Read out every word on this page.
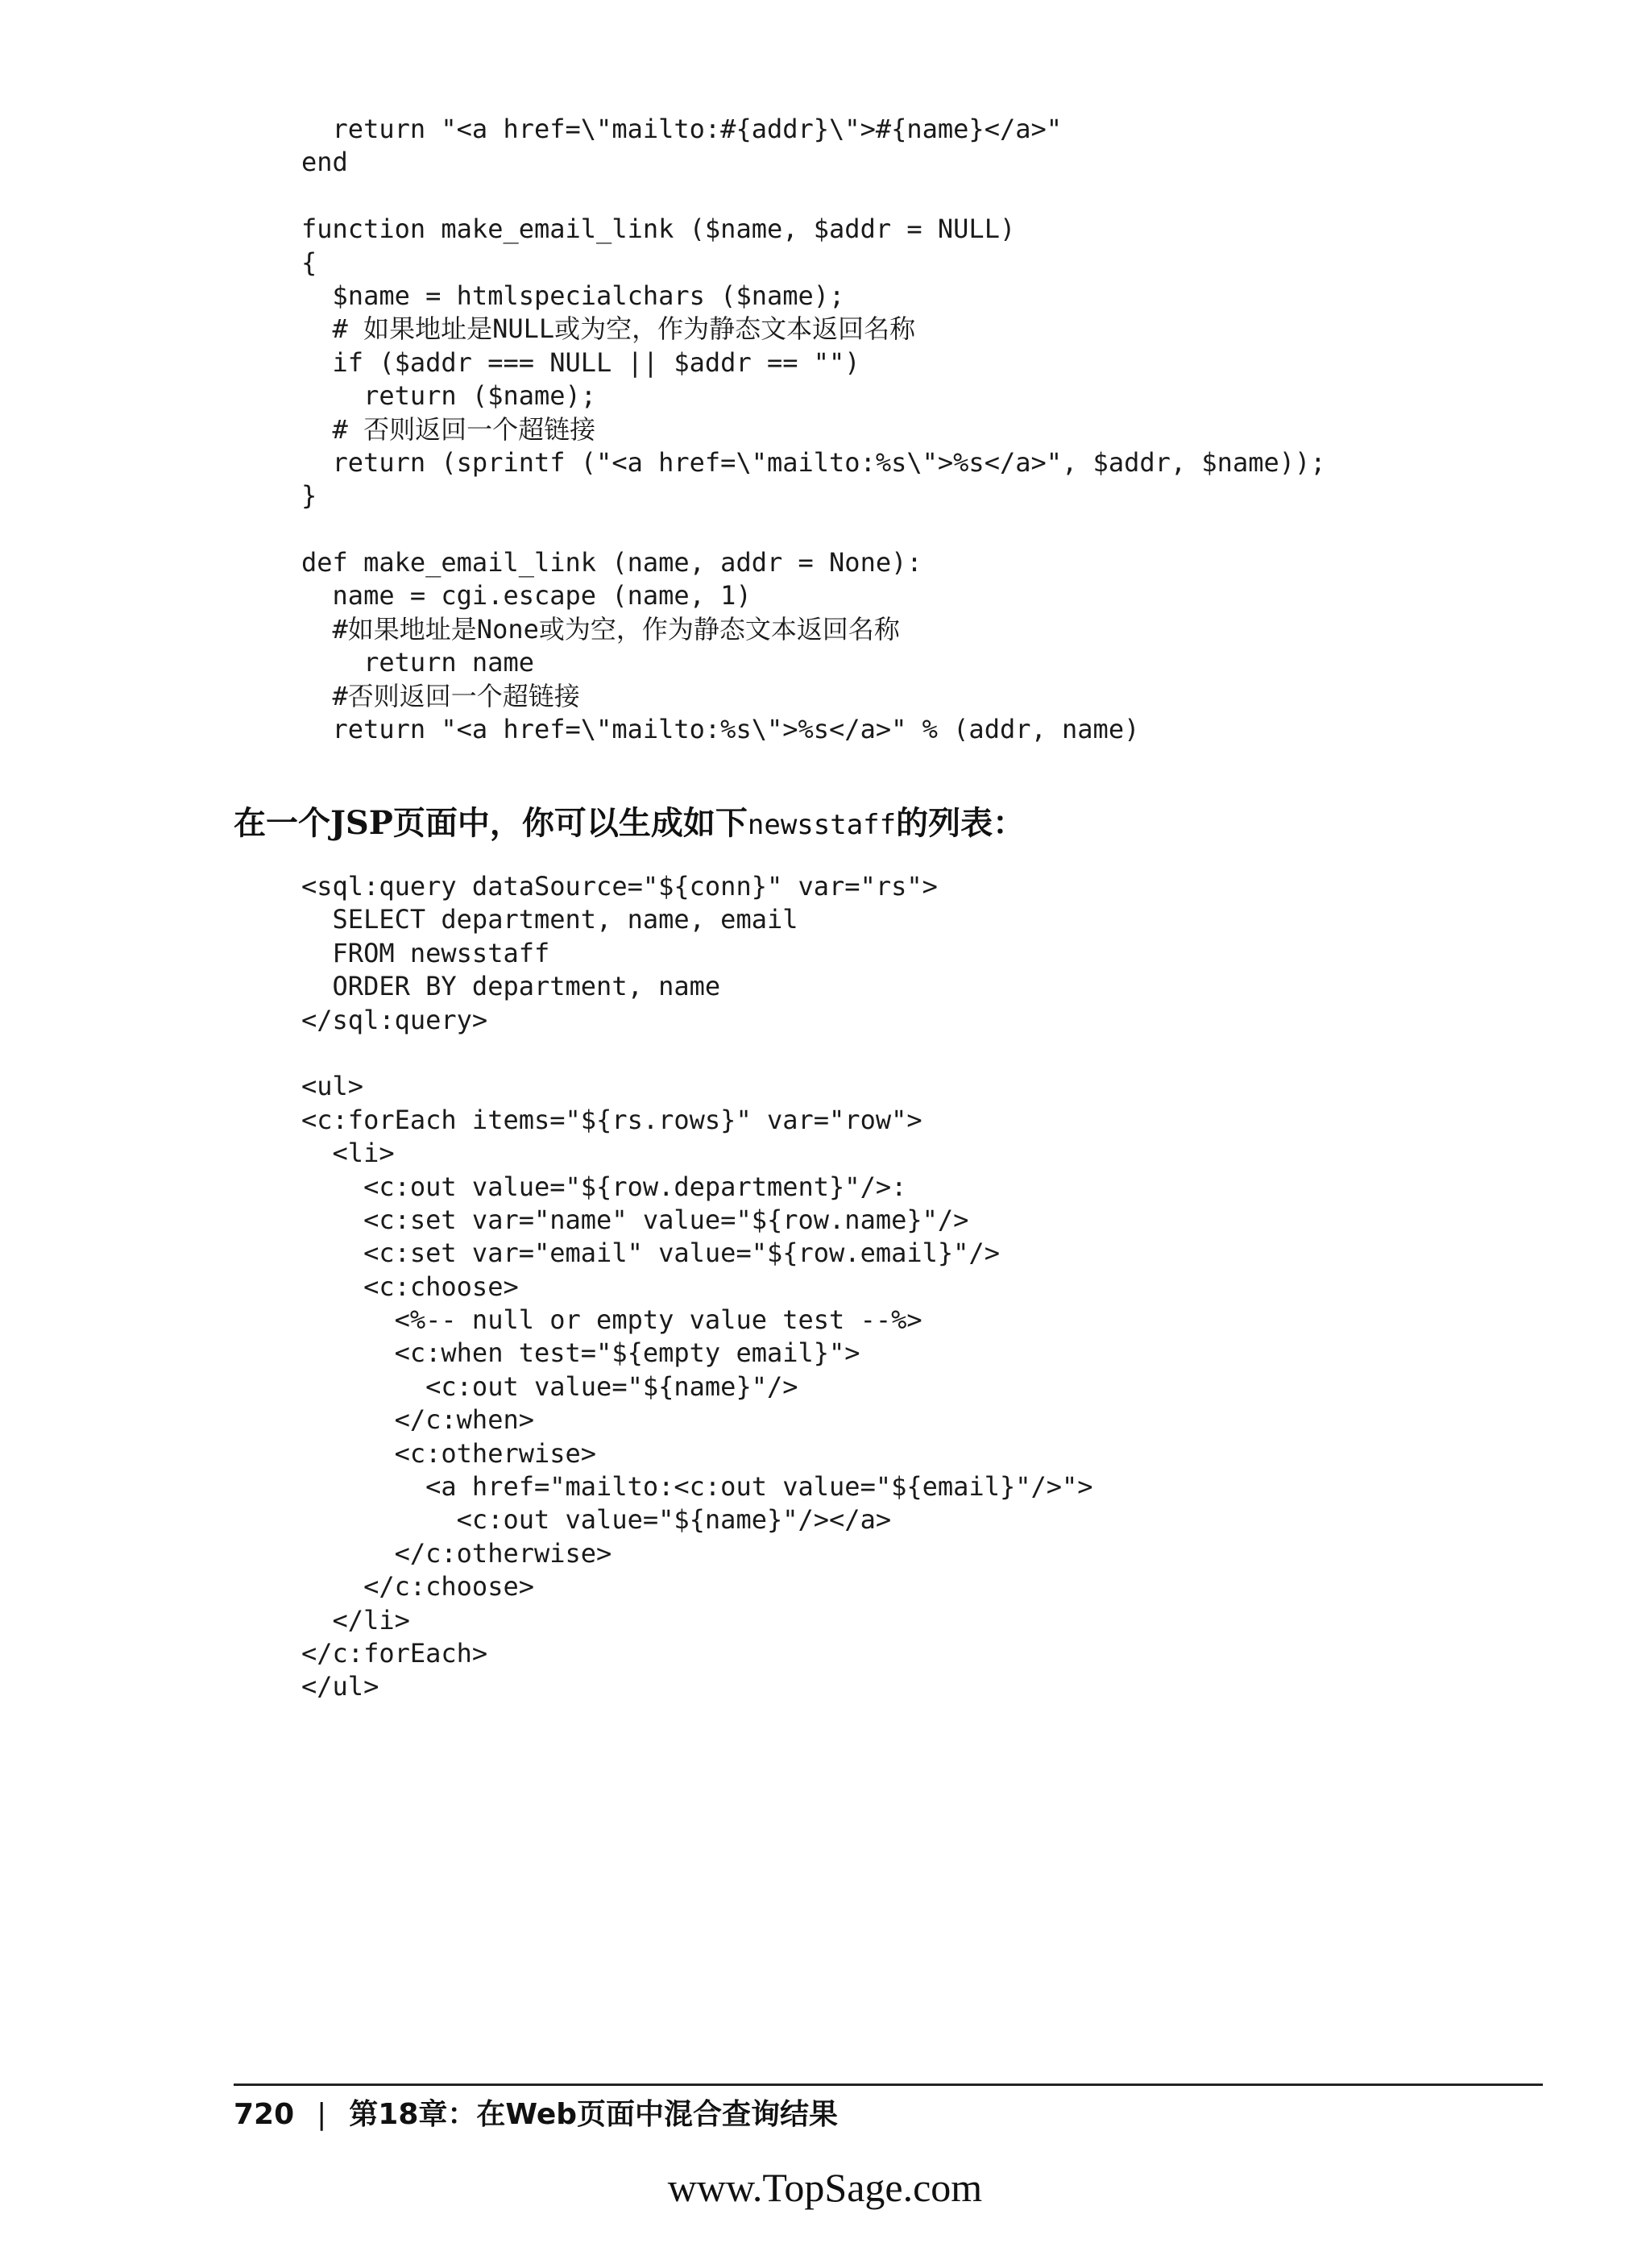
return "<a href=\"mailto:#{addr}\">#{name}</a>"
end

function make_email_link ($name, $addr = NULL)
{
$name = htmlspecialchars ($name);
# 如果地址是NULL或为空，作为静态文本返回名称
if ($addr === NULL || $addr == "")
return ($name);
# 否则返回一个超链接
return (sprintf ("<a href=\"mailto:%s\">%s</a>", $addr, $name));
}

def make_email_link (name, addr = None):
name = cgi.escape (name, 1)
#如果地址是None或为空，作为静态文本返回名称
return name
#否则返回一个超链接
return "<a href=\"mailto:%s\">%s</a>" % (addr, name)
在一个JSP页面中，你可以生成如下newsstaff的列表：
<sql:query dataSource="${conn}" var="rs">
SELECT department, name, email
FROM newsstaff
ORDER BY department, name
</sql:query>

<ul>
<c:forEach items="${rs.rows}" var="row">
<li>
<c:out value="${row.department}"/>:
<c:set var="name" value="${row.name}"/>
<c:set var="email" value="${row.email}"/>
<c:choose>
<%-- null or empty value test --%>
<c:when test="${empty email}">
<c:out value="${name}"/>
</c:when>
<c:otherwise>
<a href="mailto:<c:out value="${email}"/>">
<c:out value="${name}"/></a>
</c:otherwise>
</c:choose>
</li>
</c:forEach>
</ul>
720 | 第18章：在Web页面中混合查询结果
www.TopSage.com
